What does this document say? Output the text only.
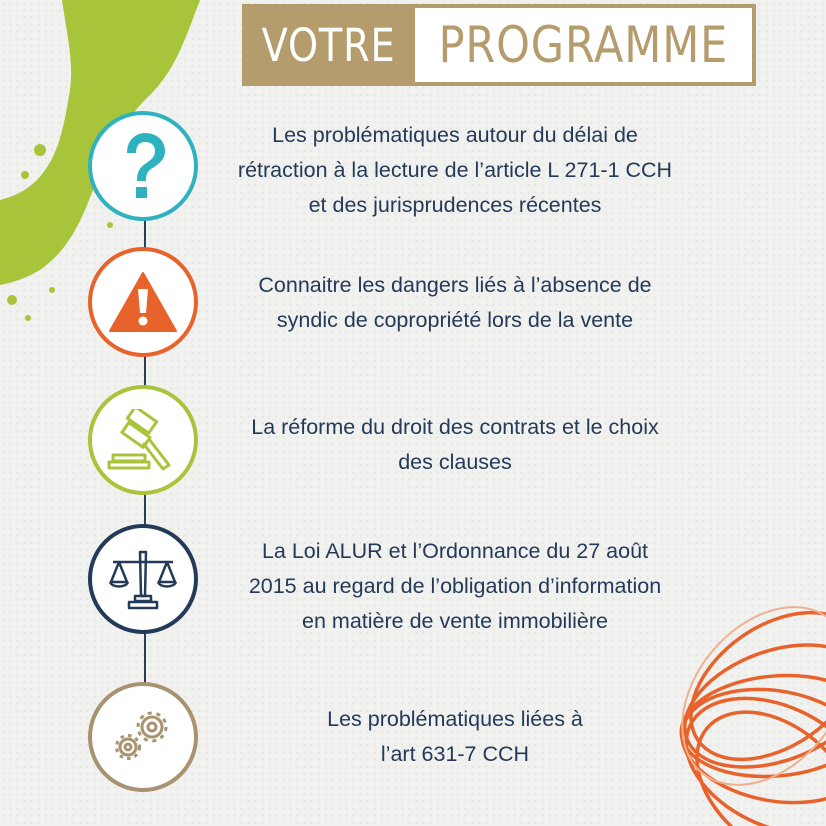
VOTRE PROGRAMME
Les problématiques autour du délai de
rétraction à la lecture de l’article L 271-1 CCH
et des jurisprudences récentes
Connaitre les dangers liés à l’absence de
syndic de copropriété lors de la vente
La réforme du droit des contrats et le choix
des clauses
La Loi ALUR et l’Ordonnance du 27 août
2015 au regard de l’obligation d’information
en matière de vente immobilière
Les problématiques liées à
l’art 631-7 CCH
